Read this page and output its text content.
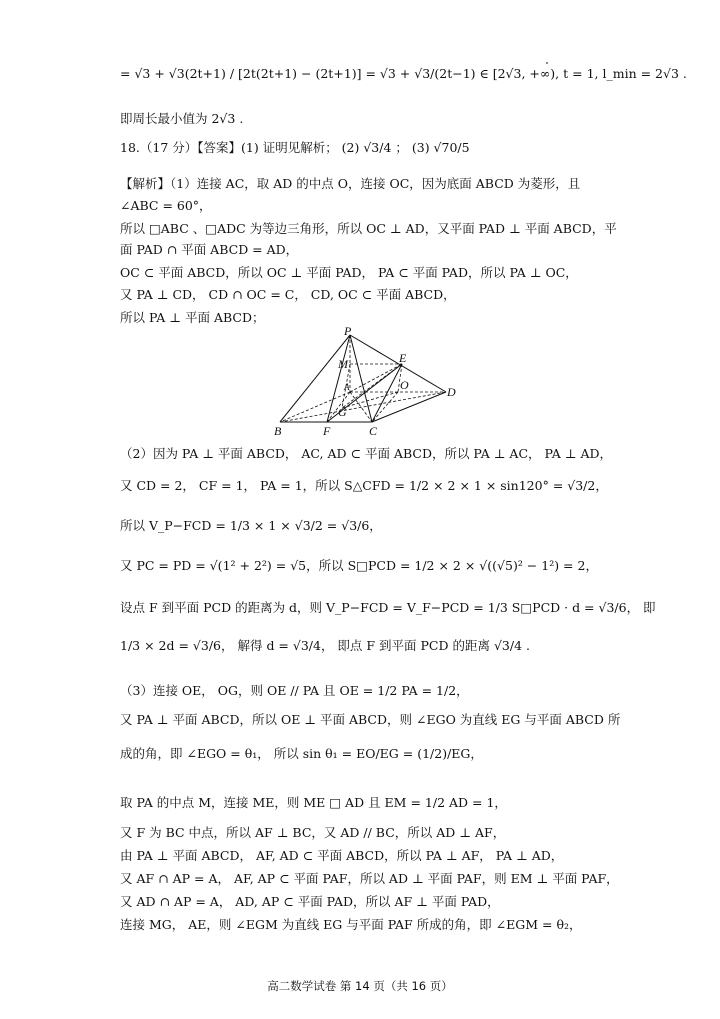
= √3 + √3(2t+1) / [2t(2t+1) − (2t+1)] = √3 + √3/(2t−1) ∈ [2√3, +∞), t = 1, l_min = 2√3 .
即周长最小值为 2√3 .
18.（17 分）【答案】(1) 证明见解析； (2) √3/4 ； (3) √70/5
【解析】（1）连接 AC，取 AD 的中点 O，连接 OC，因为底面 ABCD 为菱形，且
∠ABC = 60°，
所以 □ABC 、□ADC 为等边三角形，所以 OC ⊥ AD，又平面 PAD ⊥ 平面 ABCD，平
面 PAD ∩ 平面 ABCD = AD，
OC ⊂ 平面 ABCD，所以 OC ⊥ 平面 PAD， PA ⊂ 平面 PAD，所以 PA ⊥ OC，
又 PA ⊥ CD， CD ∩ OC = C， CD, OC ⊂ 平面 ABCD，
所以 PA ⊥ 平面 ABCD；
（2）因为 PA ⊥ 平面 ABCD， AC, AD ⊂ 平面 ABCD，所以 PA ⊥ AC， PA ⊥ AD，
又 CD = 2， CF = 1， PA = 1，所以 S△CFD = 1/2 × 2 × 1 × sin120° = √3/2，
所以 V_P−FCD = 1/3 × 1 × √3/2 = √3/6，
又 PC = PD = √(1² + 2²) = √5，所以 S□PCD = 1/2 × 2 × √((√5)² − 1²) = 2，
设点 F 到平面 PCD 的距离为 d，则 V_P−FCD = V_F−PCD = 1/3 S□PCD · d = √3/6， 即
1/3 × 2d = √3/6， 解得 d = √3/4， 即点 F 到平面 PCD 的距离 √3/4 .
（3）连接 OE， OG，则 OE // PA 且 OE = 1/2 PA = 1/2，
又 PA ⊥ 平面 ABCD，所以 OE ⊥ 平面 ABCD，则 ∠EGO 为直线 EG 与平面 ABCD 所
成的角，即 ∠EGO = θ₁， 所以 sin θ₁ = EO/EG = (1/2)/EG，
取 PA 的中点 M，连接 ME，则 ME □ AD 且 EM = 1/2 AD = 1，
又 F 为 BC 中点，所以 AF ⊥ BC，又 AD // BC，所以 AD ⊥ AF，
由 PA ⊥ 平面 ABCD， AF, AD ⊂ 平面 ABCD，所以 PA ⊥ AF， PA ⊥ AD，
又 AF ∩ AP = A， AF, AP ⊂ 平面 PAF，所以 AD ⊥ 平面 PAF，则 EM ⊥ 平面 PAF，
又 AD ∩ AP = A， AD, AP ⊂ 平面 PAD，所以 AF ⊥ 平面 PAD，
连接 MG， AE，则 ∠EGM 为直线 EG 与平面 PAF 所成的角，即 ∠EGM = θ₂，
P
M	E
A	O	D
G
B	F	C
高二数学试卷 第 14 页（共 16 页）
